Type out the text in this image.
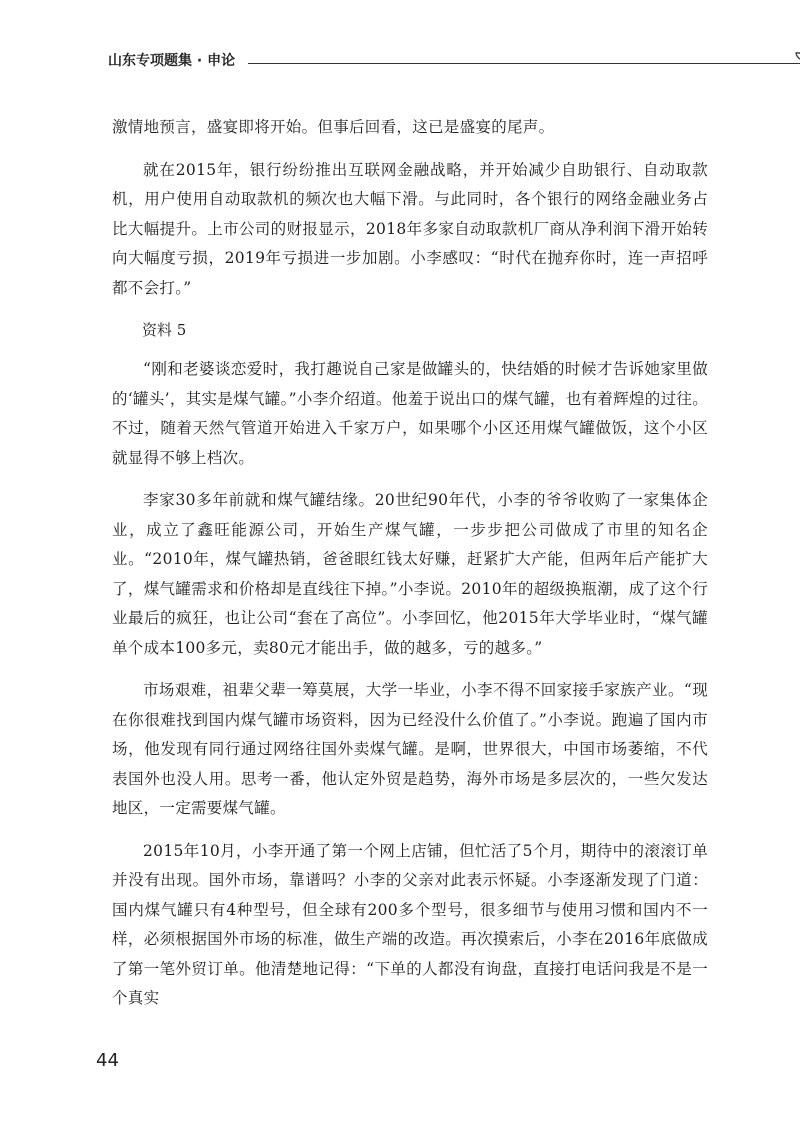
山东专项题集 · 申论

激情地预言，盛宴即将开始。但事后回看，这已是盛宴的尾声。

就在2015年，银行纷纷推出互联网金融战略，并开始减少自助银行、自动取款机，用户使用自动取款机的频次也大幅下滑。与此同时，各个银行的网络金融业务占比大幅提升。上市公司的财报显示，2018年多家自动取款机厂商从净利润下滑开始转向大幅度亏损，2019年亏损进一步加剧。小李感叹：“时代在抛弃你时，连一声招呼都不会打。”

资料 5

“刚和老婆谈恋爱时，我打趣说自己家是做罐头的，快结婚的时候才告诉她家里做的‘罐头’，其实是煤气罐。”小李介绍道。他羞于说出口的煤气罐，也有着辉煌的过往。不过，随着天然气管道开始进入千家万户，如果哪个小区还用煤气罐做饭，这个小区就显得不够上档次。

李家30多年前就和煤气罐结缘。20世纪90年代，小李的爷爷收购了一家集体企业，成立了鑫旺能源公司，开始生产煤气罐，一步步把公司做成了市里的知名企业。“2010年，煤气罐热销，爸爸眼红钱太好赚，赶紧扩大产能，但两年后产能扩大了，煤气罐需求和价格却是直线往下掉。”小李说。2010年的超级换瓶潮，成了这个行业最后的疯狂，也让公司“套在了高位”。小李回忆，他2015年大学毕业时，“煤气罐单个成本100多元，卖80元才能出手，做的越多，亏的越多。”

市场艰难，祖辈父辈一筹莫展，大学一毕业，小李不得不回家接手家族产业。“现在你很难找到国内煤气罐市场资料，因为已经没什么价值了。”小李说。跑遍了国内市场，他发现有同行通过网络往国外卖煤气罐。是啊，世界很大，中国市场萎缩，不代表国外也没人用。思考一番，他认定外贸是趋势，海外市场是多层次的，一些欠发达地区，一定需要煤气罐。

2015年10月，小李开通了第一个网上店铺，但忙活了5个月，期待中的滚滚订单并没有出现。国外市场，靠谱吗？小李的父亲对此表示怀疑。小李逐渐发现了门道：国内煤气罐只有4种型号，但全球有200多个型号，很多细节与使用习惯和国内不一样，必须根据国外市场的标准，做生产端的改造。再次摸索后，小李在2016年底做成了第一笔外贸订单。他清楚地记得：“下单的人都没有询盘，直接打电话问我是不是一个真实

44
